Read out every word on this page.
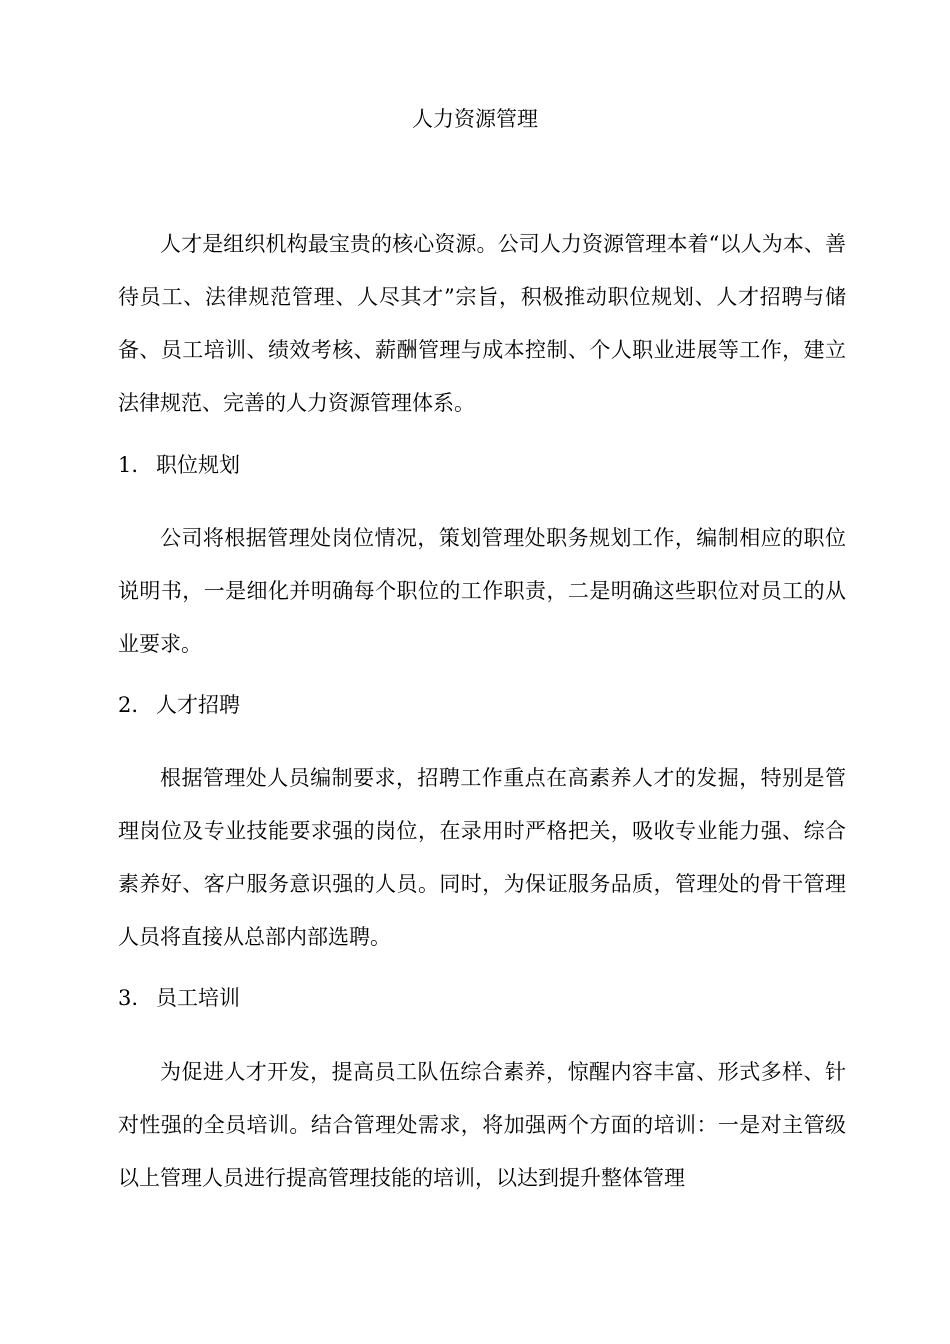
人力资源管理

人才是组织机构最宝贵的核心资源。公司人力资源管理本着“以人为本、善待员工、法律规范管理、人尽其才”宗旨，积极推动职位规划、人才招聘与储备、员工培训、绩效考核、薪酬管理与成本控制、个人职业进展等工作，建立法律规范、完善的人力资源管理体系。

1. 职位规划

公司将根据管理处岗位情况，策划管理处职务规划工作，编制相应的职位说明书，一是细化并明确每个职位的工作职责，二是明确这些职位对员工的从业要求。

2. 人才招聘

根据管理处人员编制要求，招聘工作重点在高素养人才的发掘，特别是管理岗位及专业技能要求强的岗位，在录用时严格把关，吸收专业能力强、综合素养好、客户服务意识强的人员。同时，为保证服务品质，管理处的骨干管理人员将直接从总部内部选聘。

3. 员工培训

为促进人才开发，提高员工队伍综合素养，惊醒内容丰富、形式多样、针对性强的全员培训。结合管理处需求，将加强两个方面的培训：一是对主管级以上管理人员进行提高管理技能的培训，以达到提升整体管理
